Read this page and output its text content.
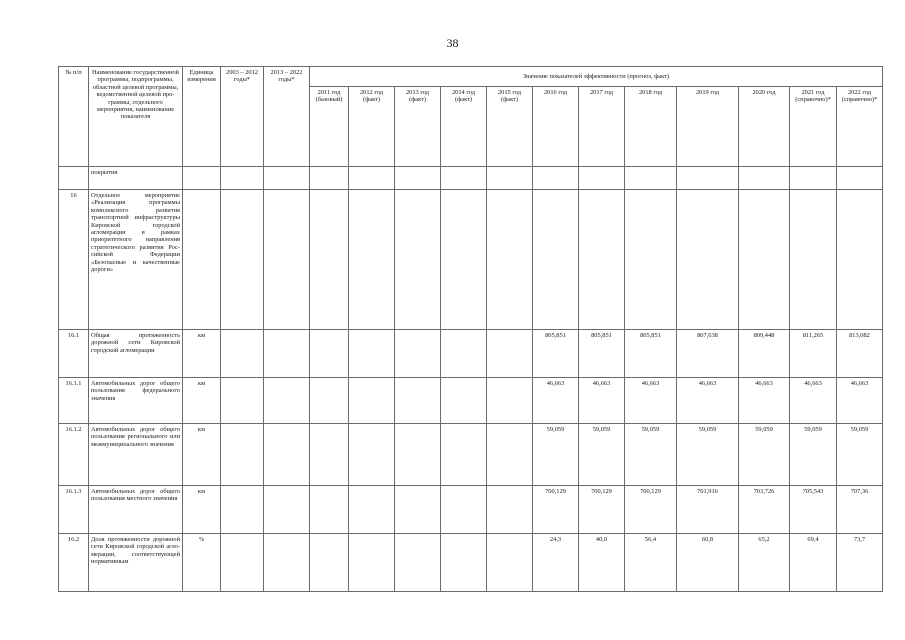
38
№ п/п	Наименование государственной программы, подпрограммы, областной целевой программы, ведомственной целевой программы, отдельного мероприятия, наименование показателя	Единица измерения	2003 – 2012 годы*	2013 – 2022 годы*	Значение показателей эффективности (прогноз, факт)											
					2011 год (базовый)	2012 год (факт)	2013 год (факт)	2014 год (факт)	2015 год (факт)	2016 год	2017 год	2018 год	2019 год	2020 год	2021 год (справочно)*	2022 год (справочно)*
	покрытия															
16	Отдельное мероприятие «Реализация программы комплексного развития транспортной инфраструктуры Кировской городской агломерации в рамках приоритетного направления стратегического развития Российской Федерации «Безопасные и качественные дороги»															
16.1	Общая протяженность дорожной сети Кировской городской агломерации	км								805,851	805,851	805,851	807,638	809,448	811,265	813,082
16.1.1	Автомобильных дорог общего пользования федерального значения	км								46,663	46,663	46,663	46,663	46,663	46,663	46,663
16.1.2	Автомобильных дорог общего пользования регионального или межмуниципального значения	км								59,059	59,059	59,059	59,059	59,059	59,059	59,059
16.1.3	Автомобильных дорог общего пользования местного значения	км								700,129	700,129	700,129	701,916	703,726	705,543	707,36
16.2	Доля протяженности дорожной сети Кировской городской агломерации, соответствующей нормативным	%								24,3	40,0	56,4	60,8	65,2	69,4	73,7
